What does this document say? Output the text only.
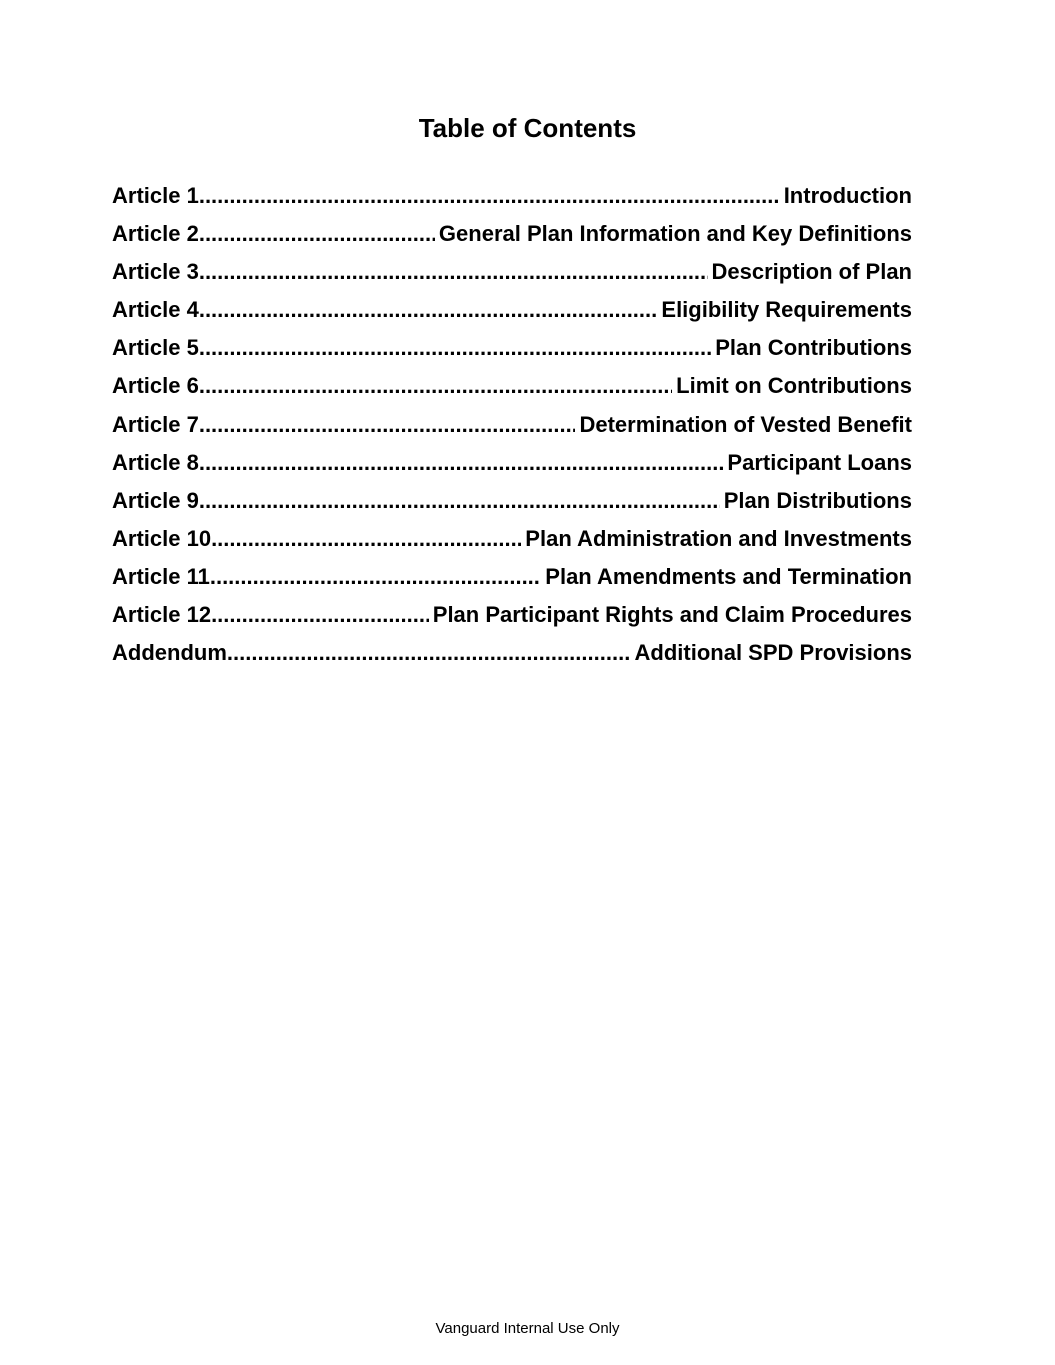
Table of Contents
Article 1 .....	Introduction
Article 2 .....	General Plan Information and Key Definitions
Article 3 .....	Description of Plan
Article 4 .....	Eligibility Requirements
Article 5 .....	Plan Contributions
Article 6 .....	Limit on Contributions
Article 7 .....	Determination of Vested Benefit
Article 8 .....	Participant Loans
Article 9 .....	Plan Distributions
Article 10 .....	Plan Administration and Investments
Article 11 .....	Plan Amendments and Termination
Article 12 .....	Plan Participant Rights and Claim Procedures
Addendum .....	Additional SPD Provisions

Vanguard Internal Use Only
